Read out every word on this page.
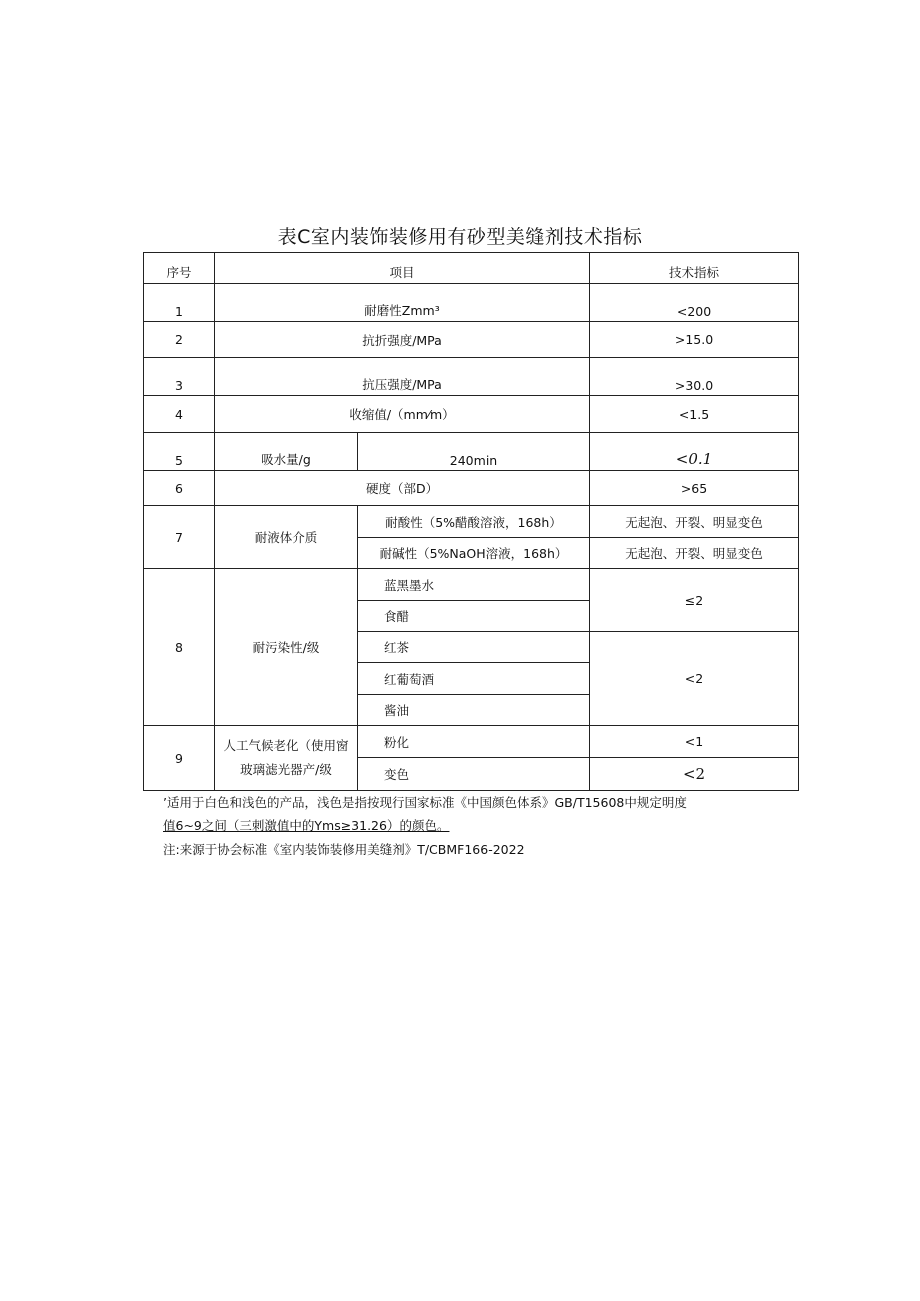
表C室内装饰装修用有砂型美缝剂技术指标
序号	项目		技术指标
1	耐磨性Zmm³		<200
2	抗折强度/MPa		>15.0
3	抗压强度/MPa		>30.0
4	收缩值/（mm⁄m）		<1.5
5	吸水量/g	240min	<0.1
6	硬度（部D）		>65
7	耐液体介质	耐酸性（5%醋酸溶液，168h）	无起泡、开裂、明显变色
		耐碱性（5%NaOH溶液，168h）	无起泡、开裂、明显变色
8	耐污染性/级	蓝黑墨水	≤2
		食醋	
		红茶	<2
		红葡萄酒	
		酱油	
9	人工气候老化（使用窗玻璃滤光器产/级	粉化	<1
		变色	<2
’适用于白色和浅色的产品，浅色是指按现行国家标准《中国颜色体系》GB/T15608中规定明度
值6~9之间（三刺激值中的Yms≥31.26）的颜色。
注:来源于协会标准《室内装饰装修用美缝剂》T/CBMF166-2022
